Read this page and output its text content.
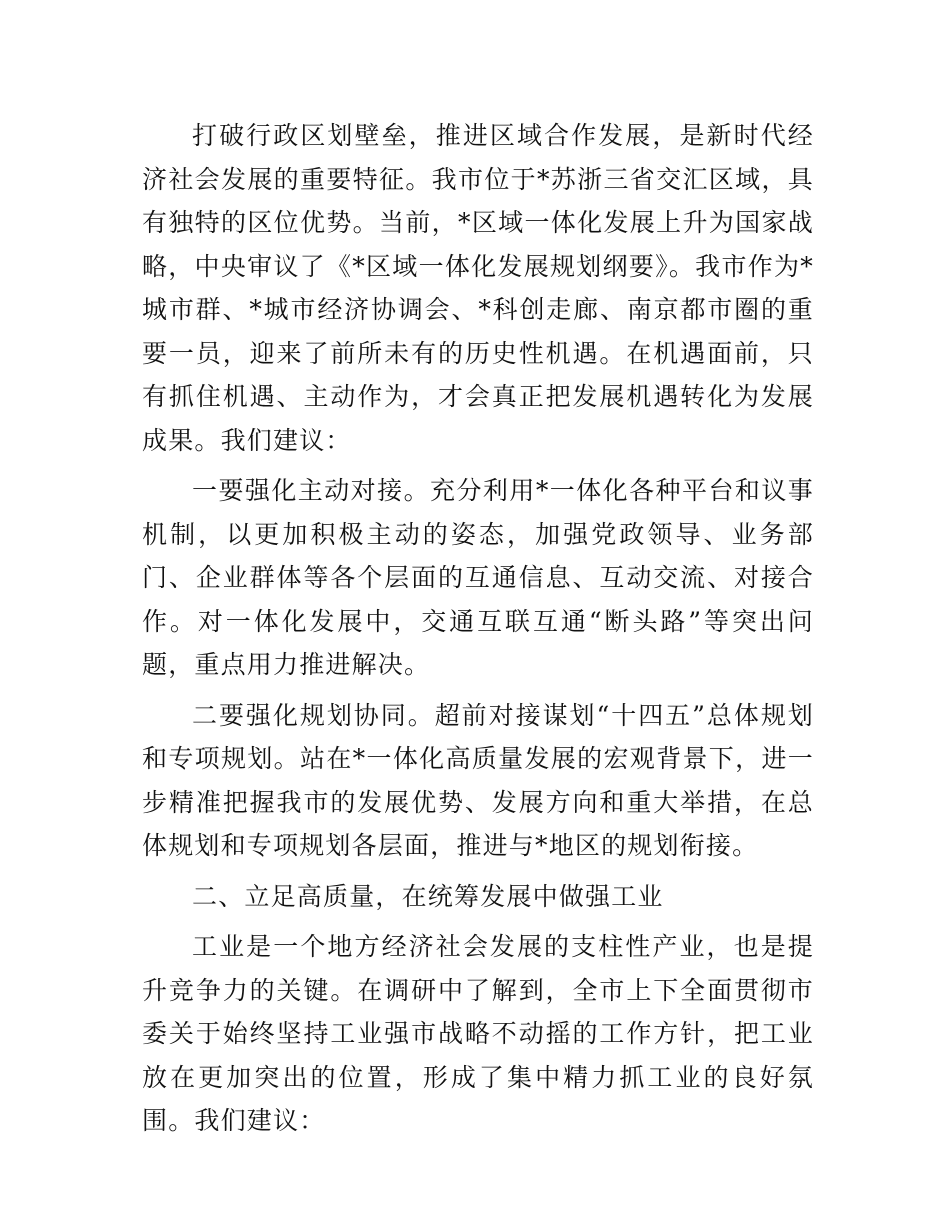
打破行政区划壁垒，推进区域合作发展，是新时代经济社会发展的重要特征。我市位于*苏浙三省交汇区域，具有独特的区位优势。当前，*区域一体化发展上升为国家战略，中央审议了《*区域一体化发展规划纲要》。我市作为*城市群、*城市经济协调会、*科创走廊、南京都市圈的重要一员，迎来了前所未有的历史性机遇。在机遇面前，只有抓住机遇、主动作为，才会真正把发展机遇转化为发展成果。我们建议：

一要强化主动对接。充分利用*一体化各种平台和议事机制，以更加积极主动的姿态，加强党政领导、业务部门、企业群体等各个层面的互通信息、互动交流、对接合作。对一体化发展中，交通互联互通“断头路”等突出问题，重点用力推进解决。

二要强化规划协同。超前对接谋划“十四五”总体规划和专项规划。站在*一体化高质量发展的宏观背景下，进一步精准把握我市的发展优势、发展方向和重大举措，在总体规划和专项规划各层面，推进与*地区的规划衔接。

二、立足高质量，在统筹发展中做强工业

工业是一个地方经济社会发展的支柱性产业，也是提升竞争力的关键。在调研中了解到，全市上下全面贯彻市委关于始终坚持工业强市战略不动摇的工作方针，把工业放在更加突出的位置，形成了集中精力抓工业的良好氛围。我们建议：
